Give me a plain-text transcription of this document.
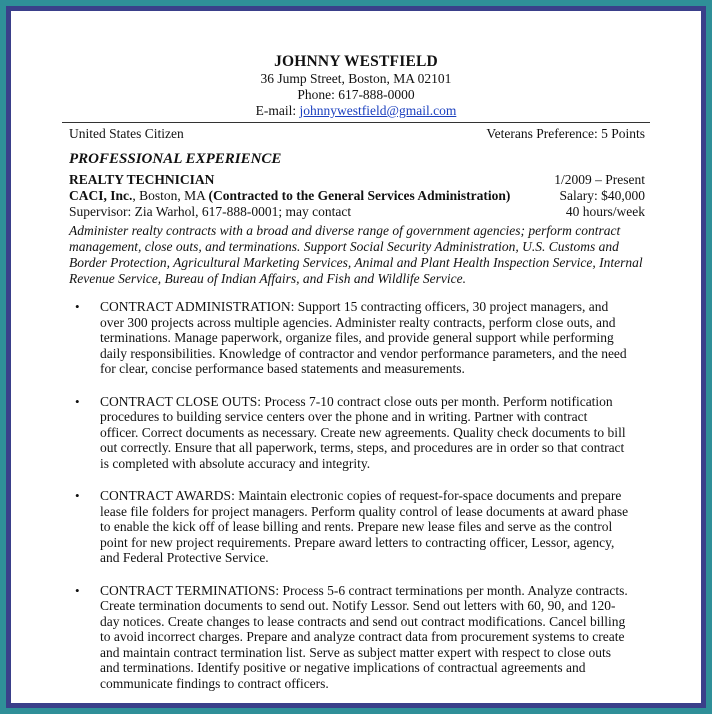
JOHNNY WESTFIELD
36 Jump Street, Boston, MA 02101
Phone: 617-888-0000
E-mail: johnnywestfield@gmail.com
United States Citizen	Veterans Preference: 5 Points
PROFESSIONAL EXPERIENCE
REALTY TECHNICIAN	1/2009 – Present
CACI, Inc., Boston, MA (Contracted to the General Services Administration)	Salary: $40,000
Supervisor: Zia Warhol, 617-888-0001; may contact	40 hours/week
Administer realty contracts with a broad and diverse range of government agencies; perform contract management, close outs, and terminations. Support Social Security Administration, U.S. Customs and Border Protection, Agricultural Marketing Services, Animal and Plant Health Inspection Service, Internal Revenue Service, Bureau of Indian Affairs, and Fish and Wildlife Service.
•	CONTRACT ADMINISTRATION: Support 15 contracting officers, 30 project managers, and over 300 projects across multiple agencies. Administer realty contracts, perform close outs, and terminations. Manage paperwork, organize files, and provide general support while performing daily responsibilities. Knowledge of contractor and vendor performance parameters, and the need for clear, concise performance based statements and measurements.
•	CONTRACT CLOSE OUTS: Process 7-10 contract close outs per month. Perform notification procedures to building service centers over the phone and in writing. Partner with contract officer. Correct documents as necessary. Create new agreements. Quality check documents to bill out correctly. Ensure that all paperwork, terms, steps, and procedures are in order so that contract is completed with absolute accuracy and integrity.
•	CONTRACT AWARDS: Maintain electronic copies of request-for-space documents and prepare lease file folders for project managers. Perform quality control of lease documents at award phase to enable the kick off of lease billing and rents. Prepare new lease files and serve as the control point for new project requirements. Prepare award letters to contracting officer, Lessor, agency, and Federal Protective Service.
•	CONTRACT TERMINATIONS: Process 5-6 contract terminations per month. Analyze contracts. Create termination documents to send out. Notify Lessor. Send out letters with 60, 90, and 120-day notices. Create changes to lease contracts and send out contract modifications. Cancel billing to avoid incorrect charges. Prepare and analyze contract data from procurement systems to create and maintain contract termination list. Serve as subject matter expert with respect to close outs and terminations. Identify positive or negative implications of contractual agreements and communicate findings to contract officers.
